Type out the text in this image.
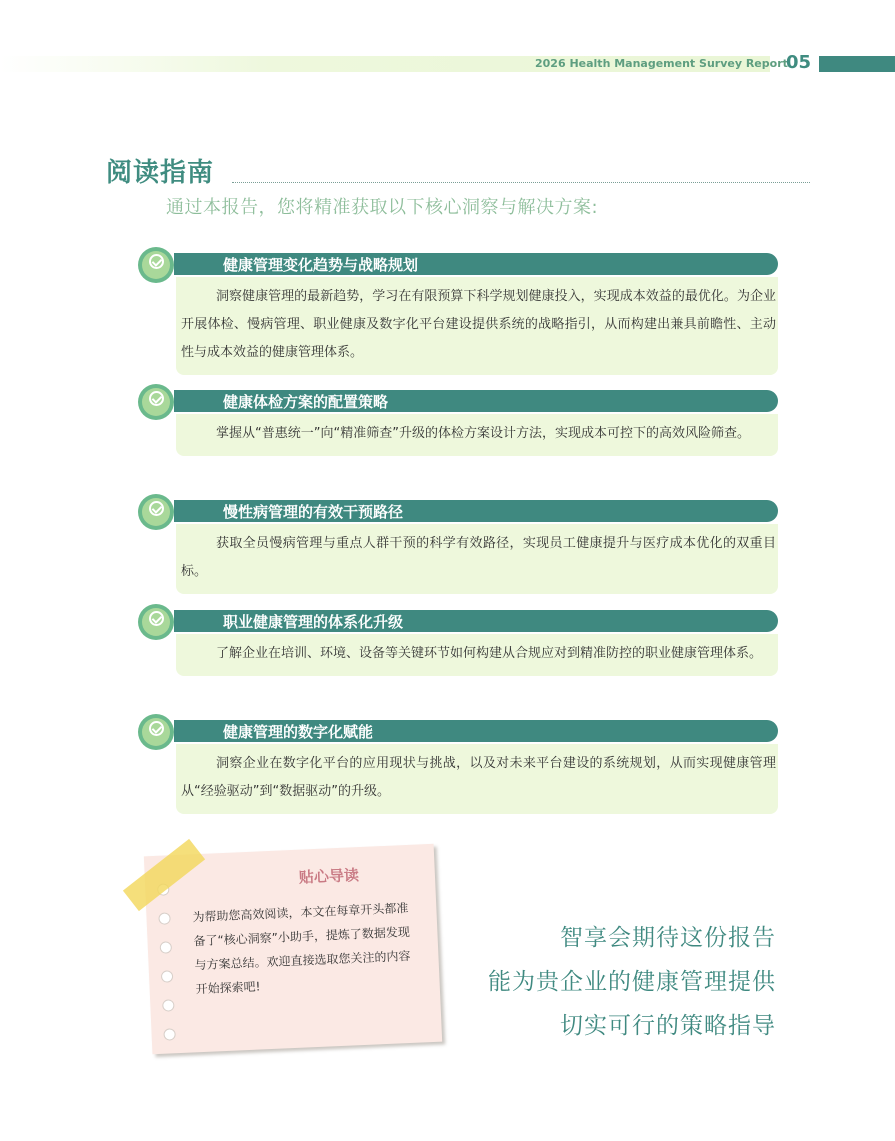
2026 Health Management Survey Report
05
阅读指南
通过本报告，您将精准获取以下核心洞察与解决方案:
健康管理变化趋势与战略规划

洞察健康管理的最新趋势，学习在有限预算下科学规划健康投入，实现成本效益的最优化。为企业开展体检、慢病管理、职业健康及数字化平台建设提供系统的战略指引，从而构建出兼具前瞻性、主动性与成本效益的健康管理体系。

健康体检方案的配置策略

掌握从“普惠统一”向“精准筛查”升级的体检方案设计方法，实现成本可控下的高效风险筛查。

慢性病管理的有效干预路径

获取全员慢病管理与重点人群干预的科学有效路径，实现员工健康提升与医疗成本优化的双重目标。

职业健康管理的体系化升级

了解企业在培训、环境、设备等关键环节如何构建从合规应对到精准防控的职业健康管理体系。

健康管理的数字化赋能

洞察企业在数字化平台的应用现状与挑战，以及对未来平台建设的系统规划，从而实现健康管理从“经验驱动”到“数据驱动”的升级。

贴心导读

为帮助您高效阅读，本文在每章开头都准备了“核心洞察”小助手，提炼了数据发现与方案总结。欢迎直接选取您关注的内容开始探索吧!

智享会期待这份报告
能为贵企业的健康管理提供
切实可行的策略指导
